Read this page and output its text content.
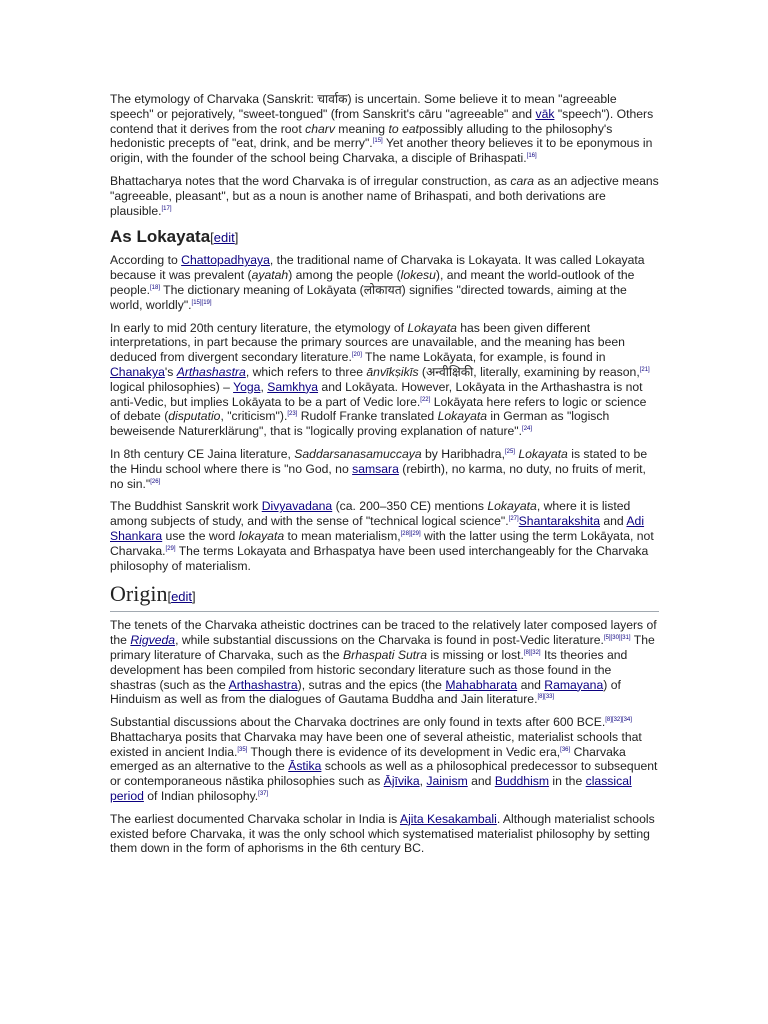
The etymology of Charvaka (Sanskrit: चार्वाक) is uncertain. Some believe it to mean "agreeable speech" or pejoratively, "sweet-tongued" (from Sanskrit's cāru "agreeable" and vāk "speech"). Others contend that it derives from the root charv meaning to eatpossibly alluding to the philosophy's hedonistic precepts of "eat, drink, and be merry".[15] Yet another theory believes it to be eponymous in origin, with the founder of the school being Charvaka, a disciple of Brihaspati.[16]

Bhattacharya notes that the word Charvaka is of irregular construction, as cara as an adjective means "agreeable, pleasant", but as a noun is another name of Brihaspati, and both derivations are plausible.[17]

As Lokayata[edit]

According to Chattopadhyaya, the traditional name of Charvaka is Lokayata. It was called Lokayata because it was prevalent (ayatah) among the people (lokesu), and meant the world-outlook of the people.[18] The dictionary meaning of Lokāyata (लोकायत) signifies "directed towards, aiming at the world, worldly".[15][19]

In early to mid 20th century literature, the etymology of Lokayata has been given different interpretations, in part because the primary sources are unavailable, and the meaning has been deduced from divergent secondary literature.[20] The name Lokāyata, for example, is found in Chanakya's Arthashastra, which refers to three ānvīkṣikīs (अन्वीक्षिकी, literally, examining by reason,[21] logical philosophies) – Yoga, Samkhya and Lokāyata. However, Lokāyata in the Arthashastra is not anti-Vedic, but implies Lokāyata to be a part of Vedic lore.[22] Lokāyata here refers to logic or science of debate (disputatio, "criticism").[23] Rudolf Franke translated Lokayata in German as "logisch beweisende Naturerklärung", that is "logically proving explanation of nature".[24]

In 8th century CE Jaina literature, Saddarsanasamuccaya by Haribhadra,[25] Lokayata is stated to be the Hindu school where there is "no God, no samsara (rebirth), no karma, no duty, no fruits of merit, no sin."[26]

The Buddhist Sanskrit work Divyavadana (ca. 200–350 CE) mentions Lokayata, where it is listed among subjects of study, and with the sense of "technical logical science".[27]Shantarakshita and Adi Shankara use the word lokayata to mean materialism,[28][29] with the latter using the term Lokāyata, not Charvaka.[29] The terms Lokayata and Brhaspatya have been used interchangeably for the Charvaka philosophy of materialism.

Origin[edit]

The tenets of the Charvaka atheistic doctrines can be traced to the relatively later composed layers of the Rigveda, while substantial discussions on the Charvaka is found in post-Vedic literature.[5][30][31] The primary literature of Charvaka, such as the Brhaspati Sutra is missing or lost.[8][32] Its theories and development has been compiled from historic secondary literature such as those found in the shastras (such as the Arthashastra), sutras and the epics (the Mahabharata and Ramayana) of Hinduism as well as from the dialogues of Gautama Buddha and Jain literature.[8][33]

Substantial discussions about the Charvaka doctrines are only found in texts after 600 BCE.[8][32][34] Bhattacharya posits that Charvaka may have been one of several atheistic, materialist schools that existed in ancient India.[35] Though there is evidence of its development in Vedic era,[36] Charvaka emerged as an alternative to the Āstika schools as well as a philosophical predecessor to subsequent or contemporaneous nāstika philosophies such as Ājīvika, Jainism and Buddhism in the classical period of Indian philosophy.[37]

The earliest documented Charvaka scholar in India is Ajita Kesakambali. Although materialist schools existed before Charvaka, it was the only school which systematised materialist philosophy by setting them down in the form of aphorisms in the 6th century BC.
